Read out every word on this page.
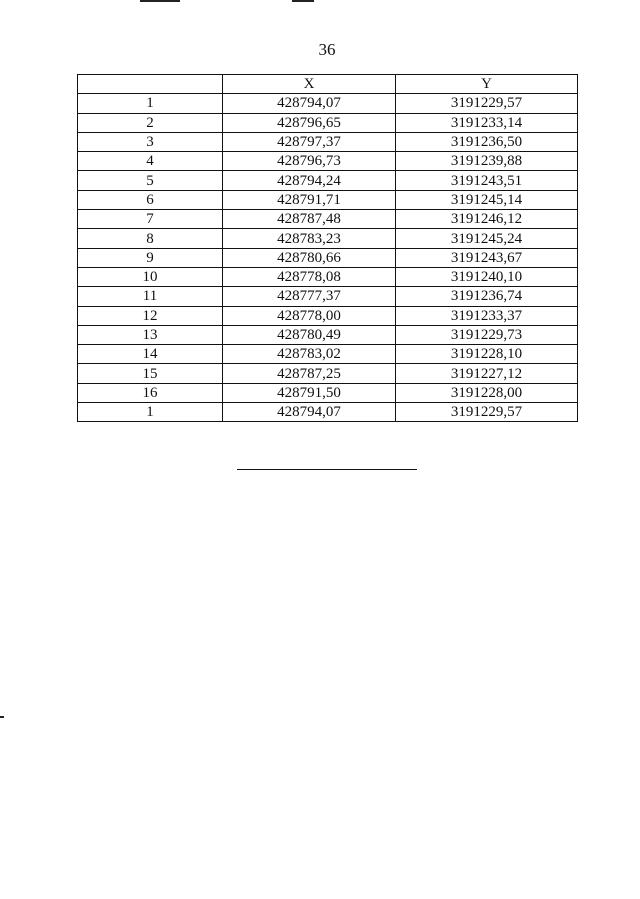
36
	X	Y
1	428794,07	3191229,57
2	428796,65	3191233,14
3	428797,37	3191236,50
4	428796,73	3191239,88
5	428794,24	3191243,51
6	428791,71	3191245,14
7	428787,48	3191246,12
8	428783,23	3191245,24
9	428780,66	3191243,67
10	428778,08	3191240,10
11	428777,37	3191236,74
12	428778,00	3191233,37
13	428780,49	3191229,73
14	428783,02	3191228,10
15	428787,25	3191227,12
16	428791,50	3191228,00
1	428794,07	3191229,57
